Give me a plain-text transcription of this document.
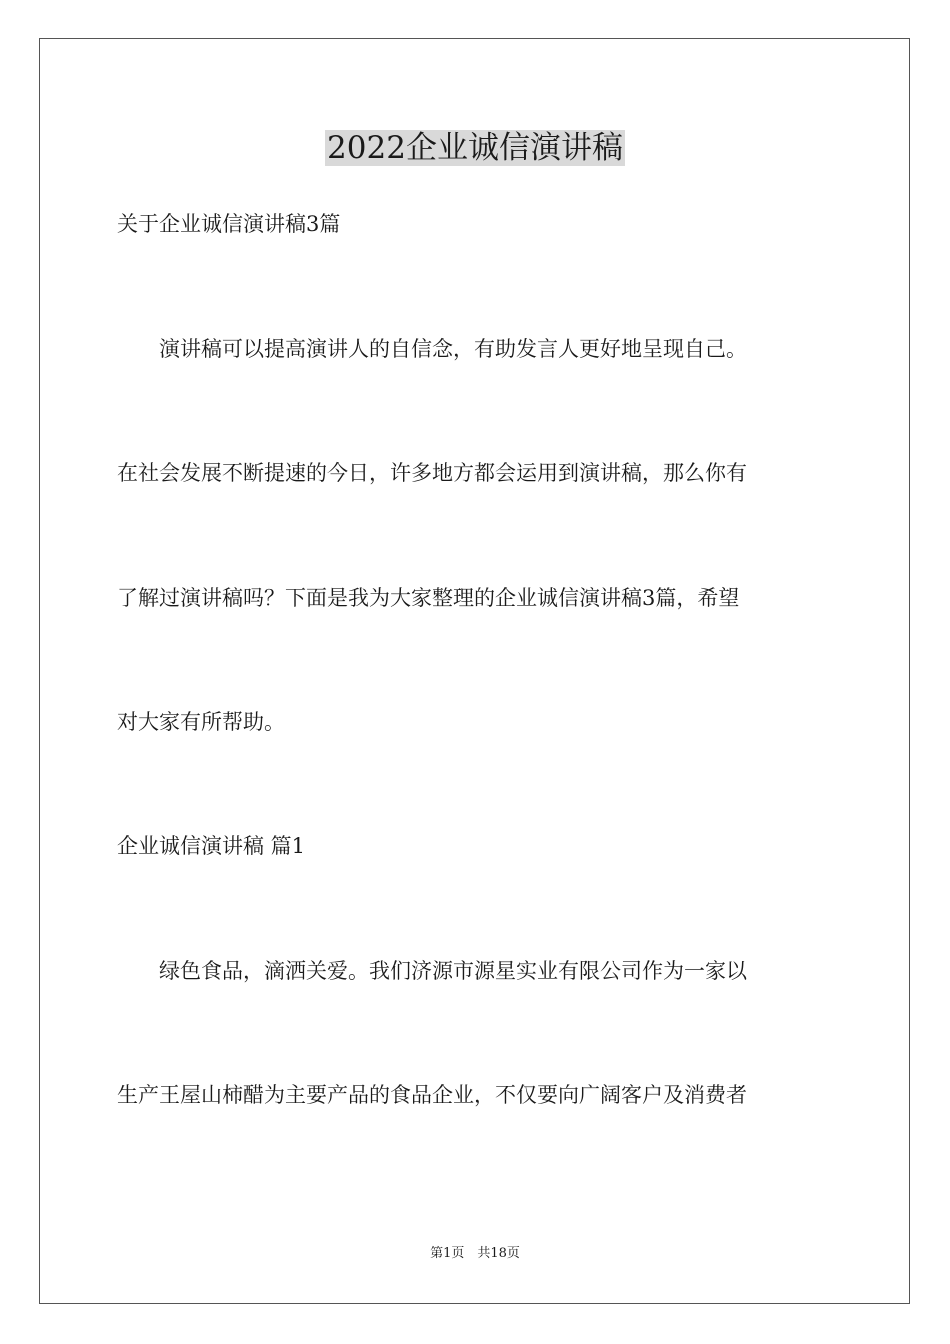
2022企业诚信演讲稿
关于企业诚信演讲稿3篇
　　演讲稿可以提高演讲人的自信念，有助发言人更好地呈现自己。
在社会发展不断提速的今日，许多地方都会运用到演讲稿，那么你有
了解过演讲稿吗？下面是我为大家整理的企业诚信演讲稿3篇，希望
对大家有所帮助。
企业诚信演讲稿 篇1
　　绿色食品，滴洒关爱。我们济源市源星实业有限公司作为一家以
生产王屋山柿醋为主要产品的食品企业，不仅要向广阔客户及消费者
第1页　共18页
